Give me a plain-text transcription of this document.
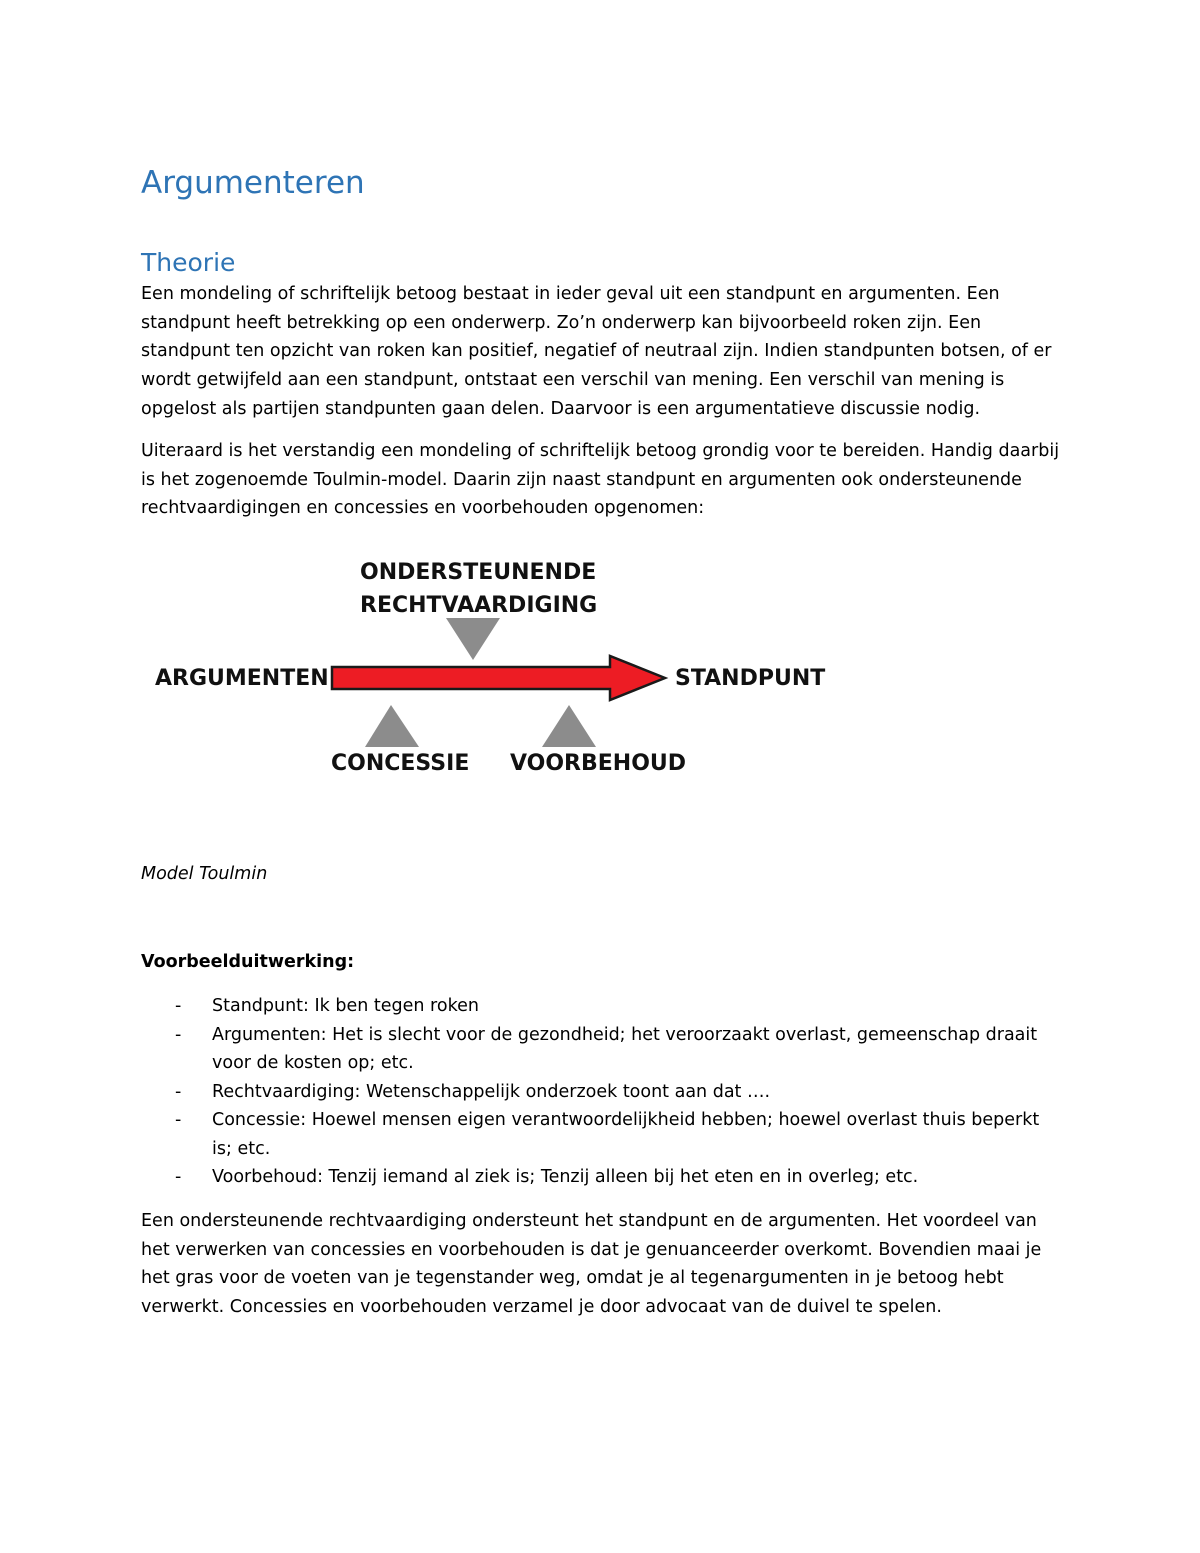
Argumenteren
Theorie
Een mondeling of schriftelijk betoog bestaat in ieder geval uit een standpunt en argumenten. Een
standpunt heeft betrekking op een onderwerp. Zo’n onderwerp kan bijvoorbeeld roken zijn. Een
standpunt ten opzicht van roken kan positief, negatief of neutraal zijn. Indien standpunten botsen, of er
wordt getwijfeld aan een standpunt, ontstaat een verschil van mening. Een verschil van mening is
opgelost als partijen standpunten gaan delen. Daarvoor is een argumentatieve discussie nodig.
Uiteraard is het verstandig een mondeling of schriftelijk betoog grondig voor te bereiden. Handig daarbij
is het zogenoemde Toulmin-model. Daarin zijn naast standpunt en argumenten ook ondersteunende
rechtvaardigingen en concessies en voorbehouden opgenomen:
ONDERSTEUNENDE
RECHTVAARDIGING
ARGUMENTEN	STANDPUNT
CONCESSIE VOORBEHOUD
Model Toulmin
Voorbeelduitwerking:
- Standpunt: Ik ben tegen roken
- Argumenten: Het is slecht voor de gezondheid; het veroorzaakt overlast, gemeenschap draait
voor de kosten op; etc.
- Rechtvaardiging: Wetenschappelijk onderzoek toont aan dat ….
- Concessie: Hoewel mensen eigen verantwoordelijkheid hebben; hoewel overlast thuis beperkt
is; etc.
- Voorbehoud: Tenzij iemand al ziek is; Tenzij alleen bij het eten en in overleg; etc.
Een ondersteunende rechtvaardiging ondersteunt het standpunt en de argumenten. Het voordeel van
het verwerken van concessies en voorbehouden is dat je genuanceerder overkomt. Bovendien maai je
het gras voor de voeten van je tegenstander weg, omdat je al tegenargumenten in je betoog hebt
verwerkt. Concessies en voorbehouden verzamel je door advocaat van de duivel te spelen.
